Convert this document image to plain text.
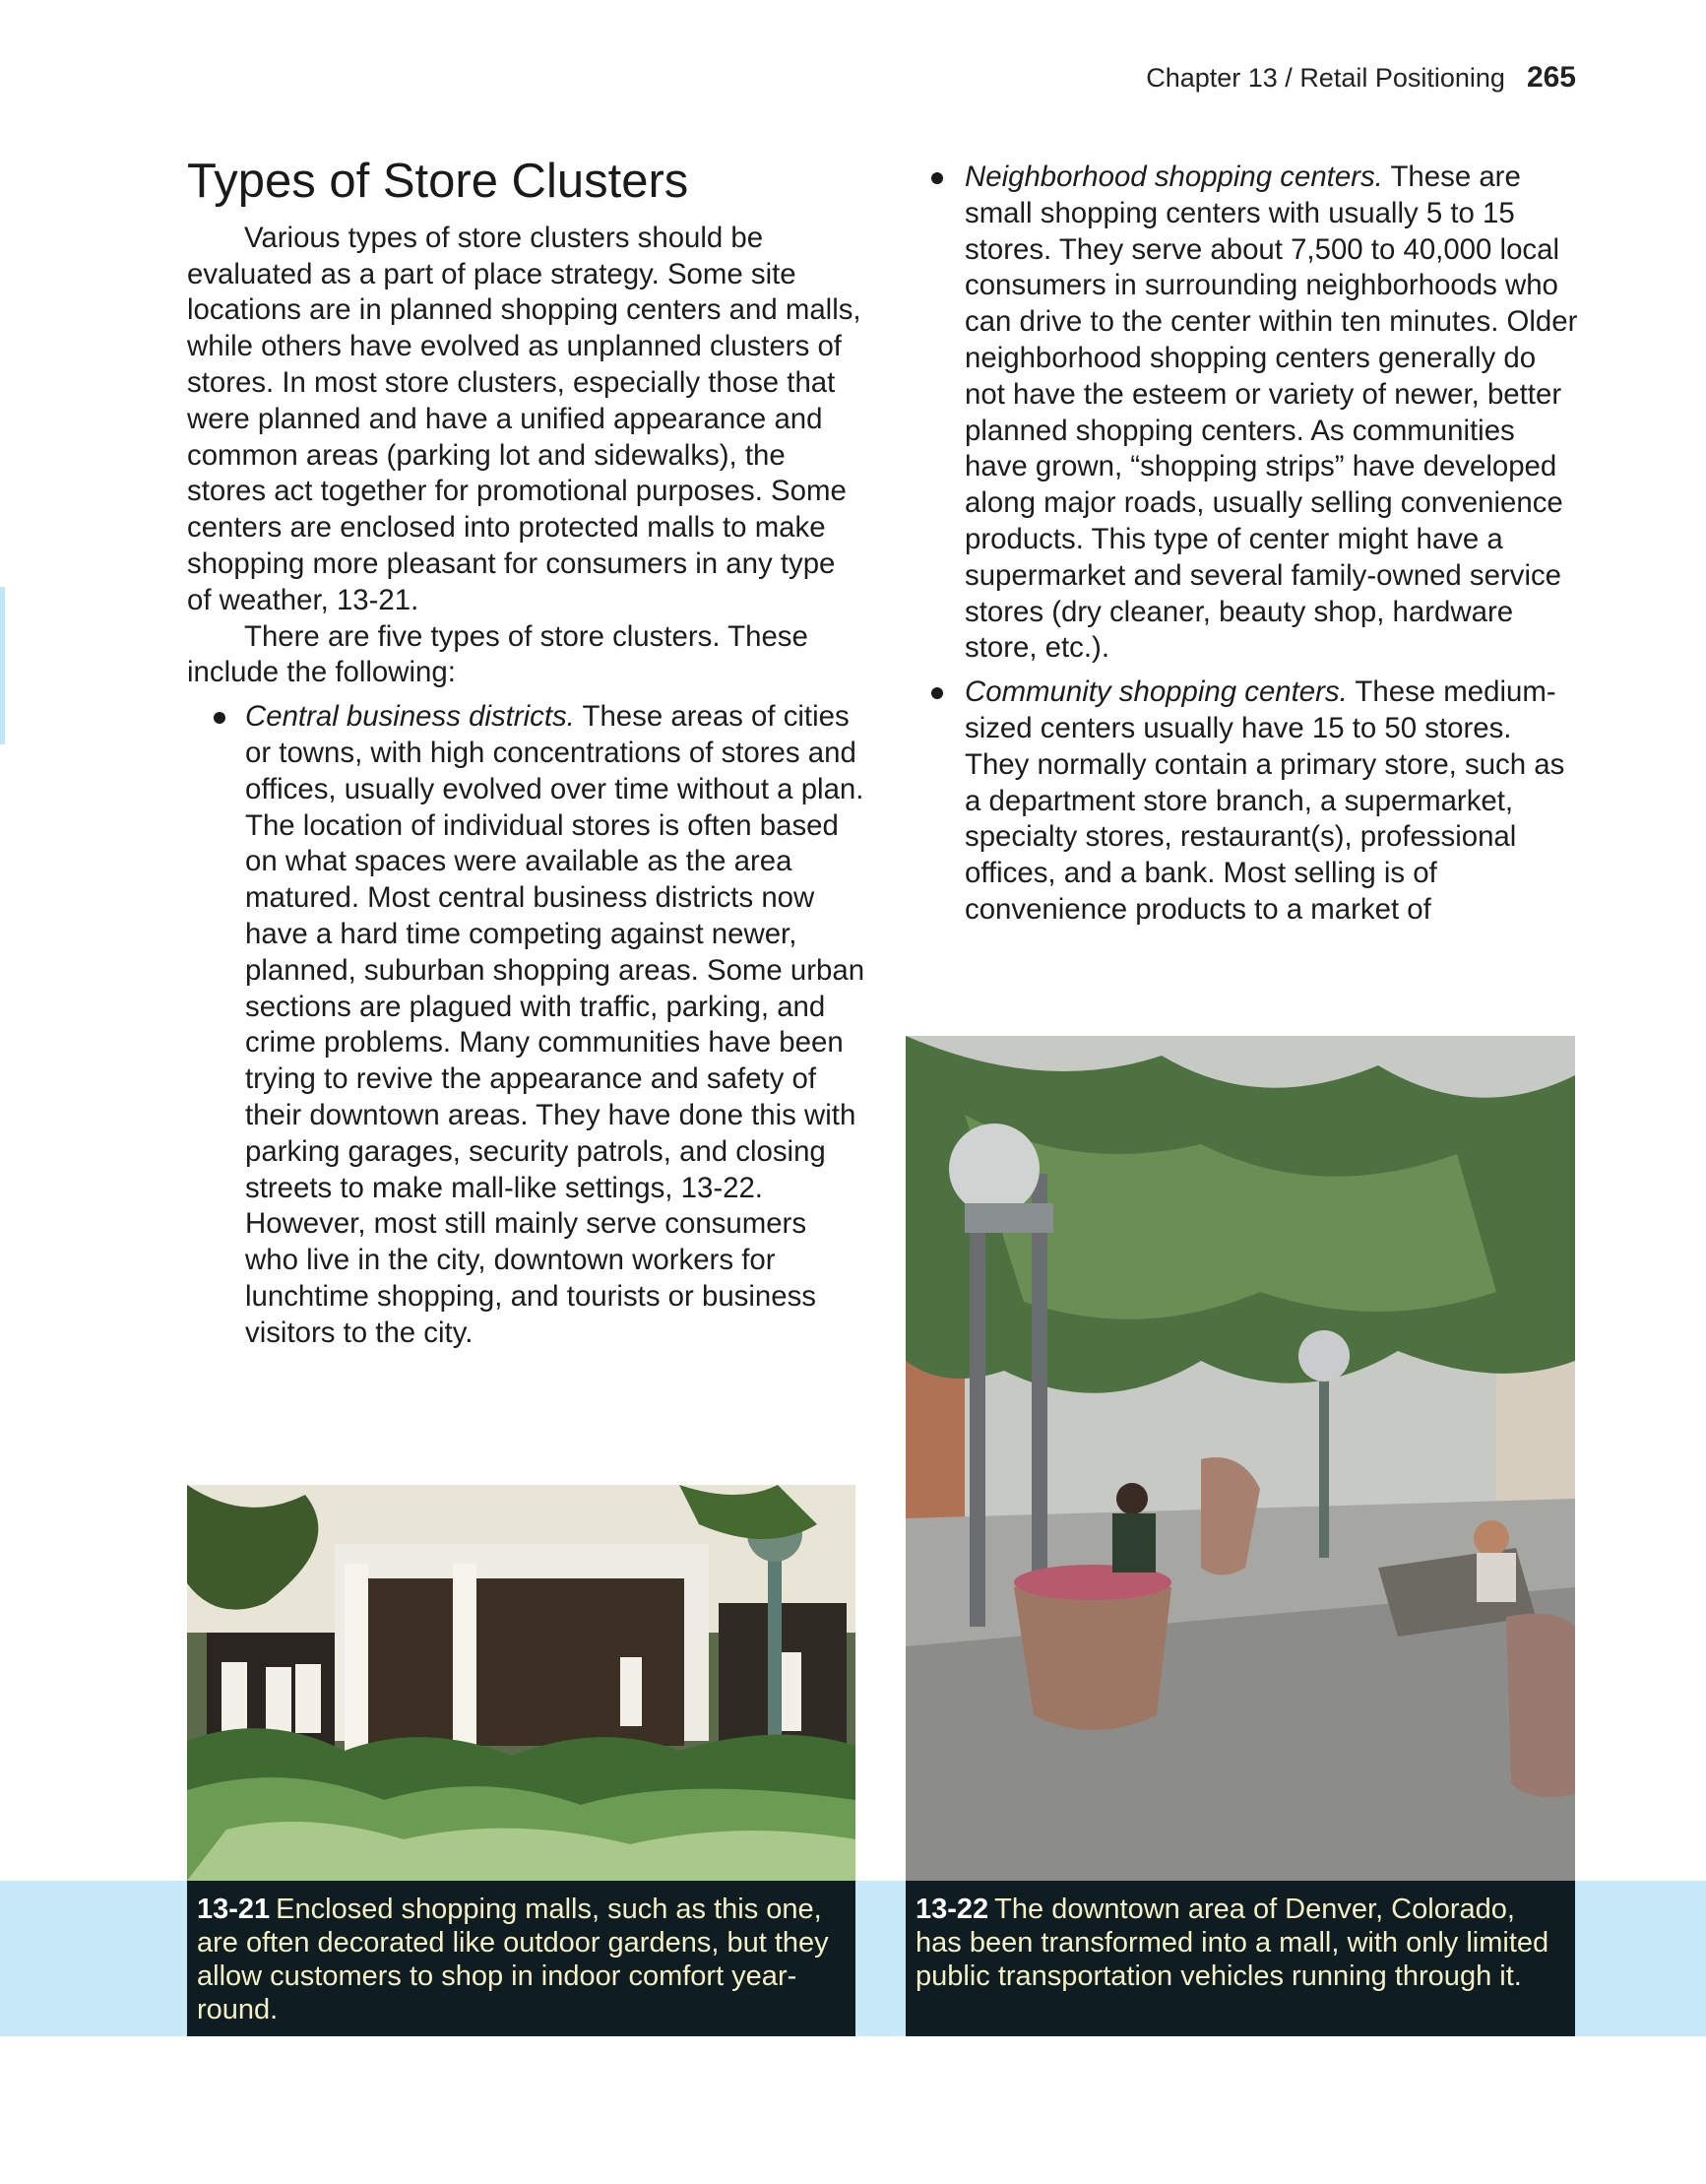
Chapter 13 / Retail Positioning 265
Types of Store Clusters

Various types of store clusters should be evaluated as a part of place strategy. Some site locations are in planned shopping centers and malls, while others have evolved as unplanned clusters of stores. In most store clusters, especially those that were planned and have a unified appearance and common areas (parking lot and sidewalks), the stores act together for promotional purposes. Some centers are enclosed into protected malls to make shopping more pleasant for consumers in any type of weather, 13-21.

There are five types of store clusters. These include the following:

Central business districts. These areas of cities or towns, with high concentrations of stores and offices, usually evolved over time without a plan. The location of individual stores is often based on what spaces were available as the area matured. Most central business districts now have a hard time competing against newer, planned, suburban shopping areas. Some urban sections are plagued with traffic, parking, and crime problems. Many communities have been trying to revive the appearance and safety of their downtown areas. They have done this with parking garages, security patrols, and closing streets to make mall-like settings, 13-22. However, most still mainly serve consumers who live in the city, downtown workers for lunchtime shopping, and tourists or business visitors to the city.
Neighborhood shopping centers. These are small shopping centers with usually 5 to 15 stores. They serve about 7,500 to 40,000 local consumers in surrounding neighborhoods who can drive to the center within ten minutes. Older neighborhood shopping centers generally do not have the esteem or variety of newer, better planned shopping centers. As communities have grown, “shopping strips” have developed along major roads, usually selling convenience products. This type of center might have a supermarket and several family-owned service stores (dry cleaner, beauty shop, hardware store, etc.).
Community shopping centers. These medium-sized centers usually have 15 to 50 stores. They normally contain a primary store, such as a department store branch, a supermarket, specialty stores, restaurant(s), professional offices, and a bank. Most selling is of convenience products to a market of
13-21 Enclosed shopping malls, such as this one, are often decorated like outdoor gardens, but they allow customers to shop in indoor comfort year-round.
13-22 The downtown area of Denver, Colorado, has been transformed into a mall, with only limited public transportation vehicles running through it.
